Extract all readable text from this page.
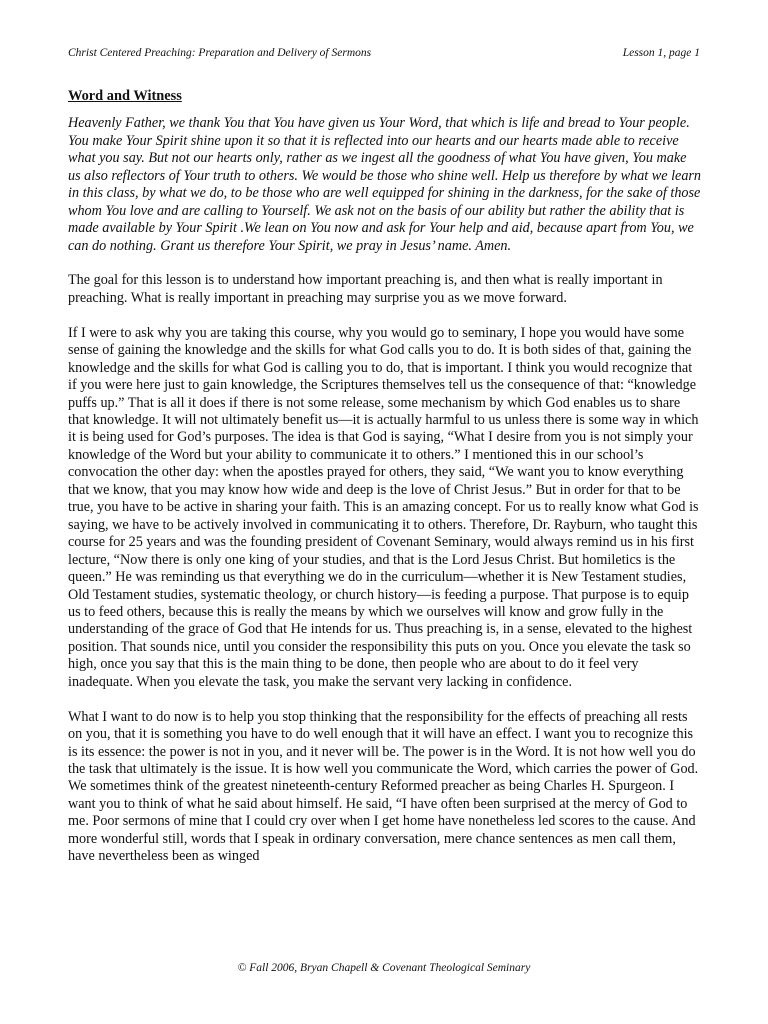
Christ Centered Preaching: Preparation and Delivery of Sermons	Lesson 1, page 1
Word and Witness

Heavenly Father, we thank You that You have given us Your Word, that which is life and bread to Your people. You make Your Spirit shine upon it so that it is reflected into our hearts and our hearts made able to receive what you say. But not our hearts only, rather as we ingest all the goodness of what You have given, You make us also reflectors of Your truth to others. We would be those who shine well. Help us therefore by what we learn in this class, by what we do, to be those who are well equipped for shining in the darkness, for the sake of those whom You love and are calling to Yourself. We ask not on the basis of our ability but rather the ability that is made available by Your Spirit .We lean on You now and ask for Your help and aid, because apart from You, we can do nothing. Grant us therefore Your Spirit, we pray in Jesus’ name. Amen.

The goal for this lesson is to understand how important preaching is, and then what is really important in preaching. What is really important in preaching may surprise you as we move forward.

If I were to ask why you are taking this course, why you would go to seminary, I hope you would have some sense of gaining the knowledge and the skills for what God calls you to do. It is both sides of that, gaining the knowledge and the skills for what God is calling you to do, that is important. I think you would recognize that if you were here just to gain knowledge, the Scriptures themselves tell us the consequence of that: “knowledge puffs up.” That is all it does if there is not some release, some mechanism by which God enables us to share that knowledge. It will not ultimately benefit us—it is actually harmful to us unless there is some way in which it is being used for God’s purposes. The idea is that God is saying, “What I desire from you is not simply your knowledge of the Word but your ability to communicate it to others.” I mentioned this in our school’s convocation the other day: when the apostles prayed for others, they said, “We want you to know everything that we know, that you may know how wide and deep is the love of Christ Jesus.” But in order for that to be true, you have to be active in sharing your faith. This is an amazing concept. For us to really know what God is saying, we have to be actively involved in communicating it to others. Therefore, Dr. Rayburn, who taught this course for 25 years and was the founding president of Covenant Seminary, would always remind us in his first lecture, “Now there is only one king of your studies, and that is the Lord Jesus Christ. But homiletics is the queen.” He was reminding us that everything we do in the curriculum—whether it is New Testament studies, Old Testament studies, systematic theology, or church history—is feeding a purpose. That purpose is to equip us to feed others, because this is really the means by which we ourselves will know and grow fully in the understanding of the grace of God that He intends for us. Thus preaching is, in a sense, elevated to the highest position. That sounds nice, until you consider the responsibility this puts on you. Once you elevate the task so high, once you say that this is the main thing to be done, then people who are about to do it feel very inadequate. When you elevate the task, you make the servant very lacking in confidence.

What I want to do now is to help you stop thinking that the responsibility for the effects of preaching all rests on you, that it is something you have to do well enough that it will have an effect. I want you to recognize this is its essence: the power is not in you, and it never will be. The power is in the Word. It is not how well you do the task that ultimately is the issue. It is how well you communicate the Word, which carries the power of God. We sometimes think of the greatest nineteenth-century Reformed preacher as being Charles H. Spurgeon. I want you to think of what he said about himself. He said, “I have often been surprised at the mercy of God to me. Poor sermons of mine that I could cry over when I get home have nonetheless led scores to the cause. And more wonderful still, words that I speak in ordinary conversation, mere chance sentences as men call them, have nevertheless been as winged

© Fall 2006, Bryan Chapell & Covenant Theological Seminary
